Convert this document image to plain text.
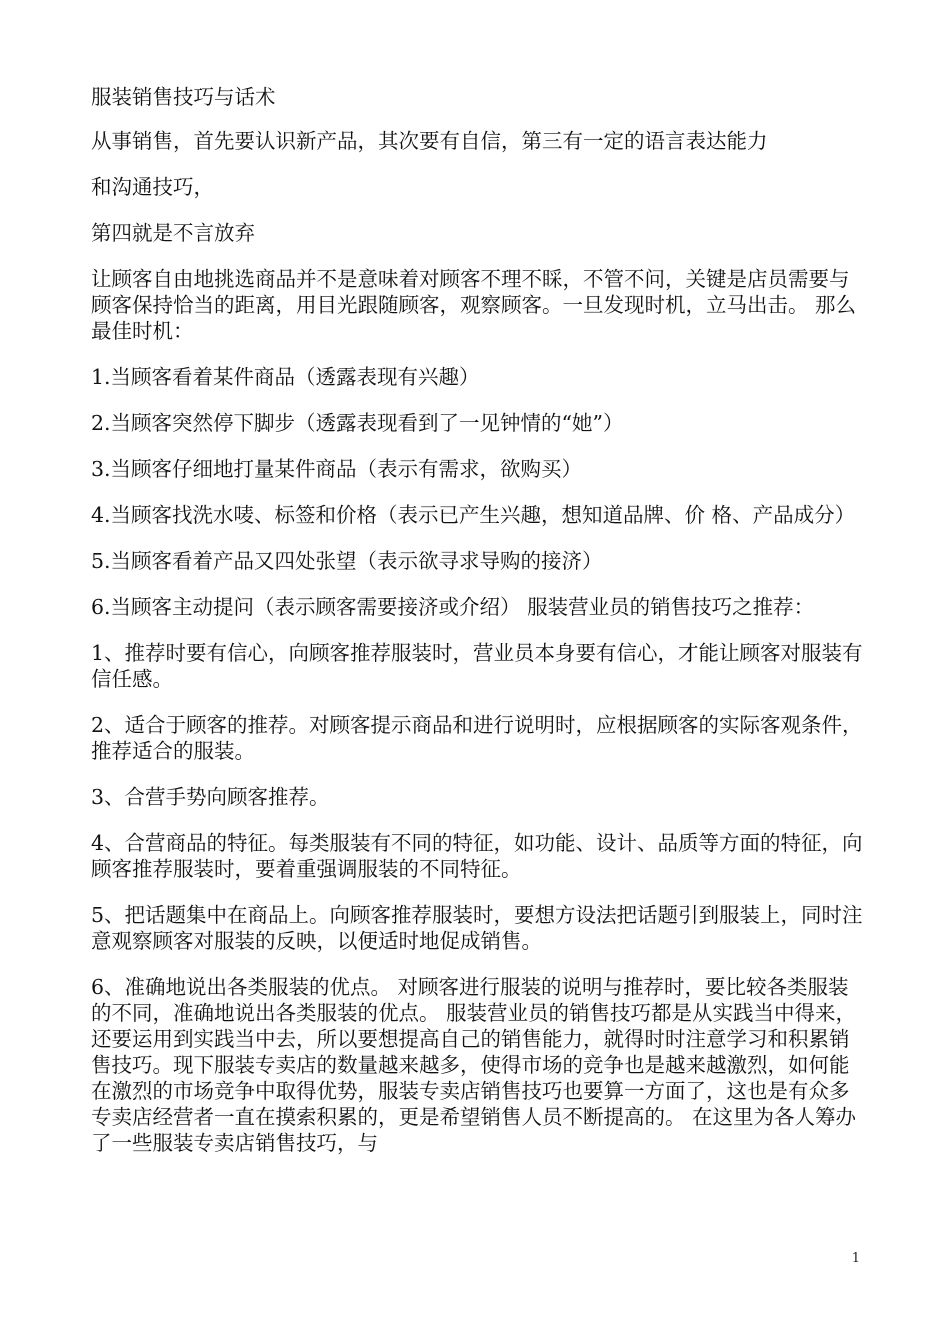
服装销售技巧与话术

从事销售，首先要认识新产品，其次要有自信，第三有一定的语言表达能力

和沟通技巧，

第四就是不言放弃

让顾客自由地挑选商品并不是意味着对顾客不理不睬，不管不问，关键是店员需要与顾客保持恰当的距离，用目光跟随顾客，观察顾客。一旦发现时机，立马出击。 那么最佳时机：

1.当顾客看着某件商品（透露表现有兴趣）

2.当顾客突然停下脚步（透露表现看到了一见钟情的“她”）

3.当顾客仔细地打量某件商品（表示有需求，欲购买）

4.当顾客找洗水唛、标签和价格（表示已产生兴趣，想知道品牌、价 格、产品成分）

5.当顾客看着产品又四处张望（表示欲寻求导购的接济）

6.当顾客主动提问（表示顾客需要接济或介绍） 服装营业员的销售技巧之推荐：

1、推荐时要有信心，向顾客推荐服装时，营业员本身要有信心，才能让顾客对服装有信任感。

2、适合于顾客的推荐。对顾客提示商品和进行说明时，应根据顾客的实际客观条件，推荐适合的服装。

3、合营手势向顾客推荐。

4、合营商品的特征。每类服装有不同的特征，如功能、设计、品质等方面的特征，向顾客推荐服装时，要着重强调服装的不同特征。

5、把话题集中在商品上。向顾客推荐服装时，要想方设法把话题引到服装上，同时注意观察顾客对服装的反映，以便适时地促成销售。

6、准确地说出各类服装的优点。 对顾客进行服装的说明与推荐时，要比较各类服装的不同，准确地说出各类服装的优点。 服装营业员的销售技巧都是从实践当中得来，还要运用到实践当中去，所以要想提高自己的销售能力，就得时时注意学习和积累销售技巧。现下服装专卖店的数量越来越多，使得市场的竞争也是越来越激烈，如何能在激烈的市场竞争中取得优势，服装专卖店销售技巧也要算一方面了，这也是有众多专卖店经营者一直在摸索积累的，更是希望销售人员不断提高的。 在这里为各人筹办了一些服装专卖店销售技巧，与

1
